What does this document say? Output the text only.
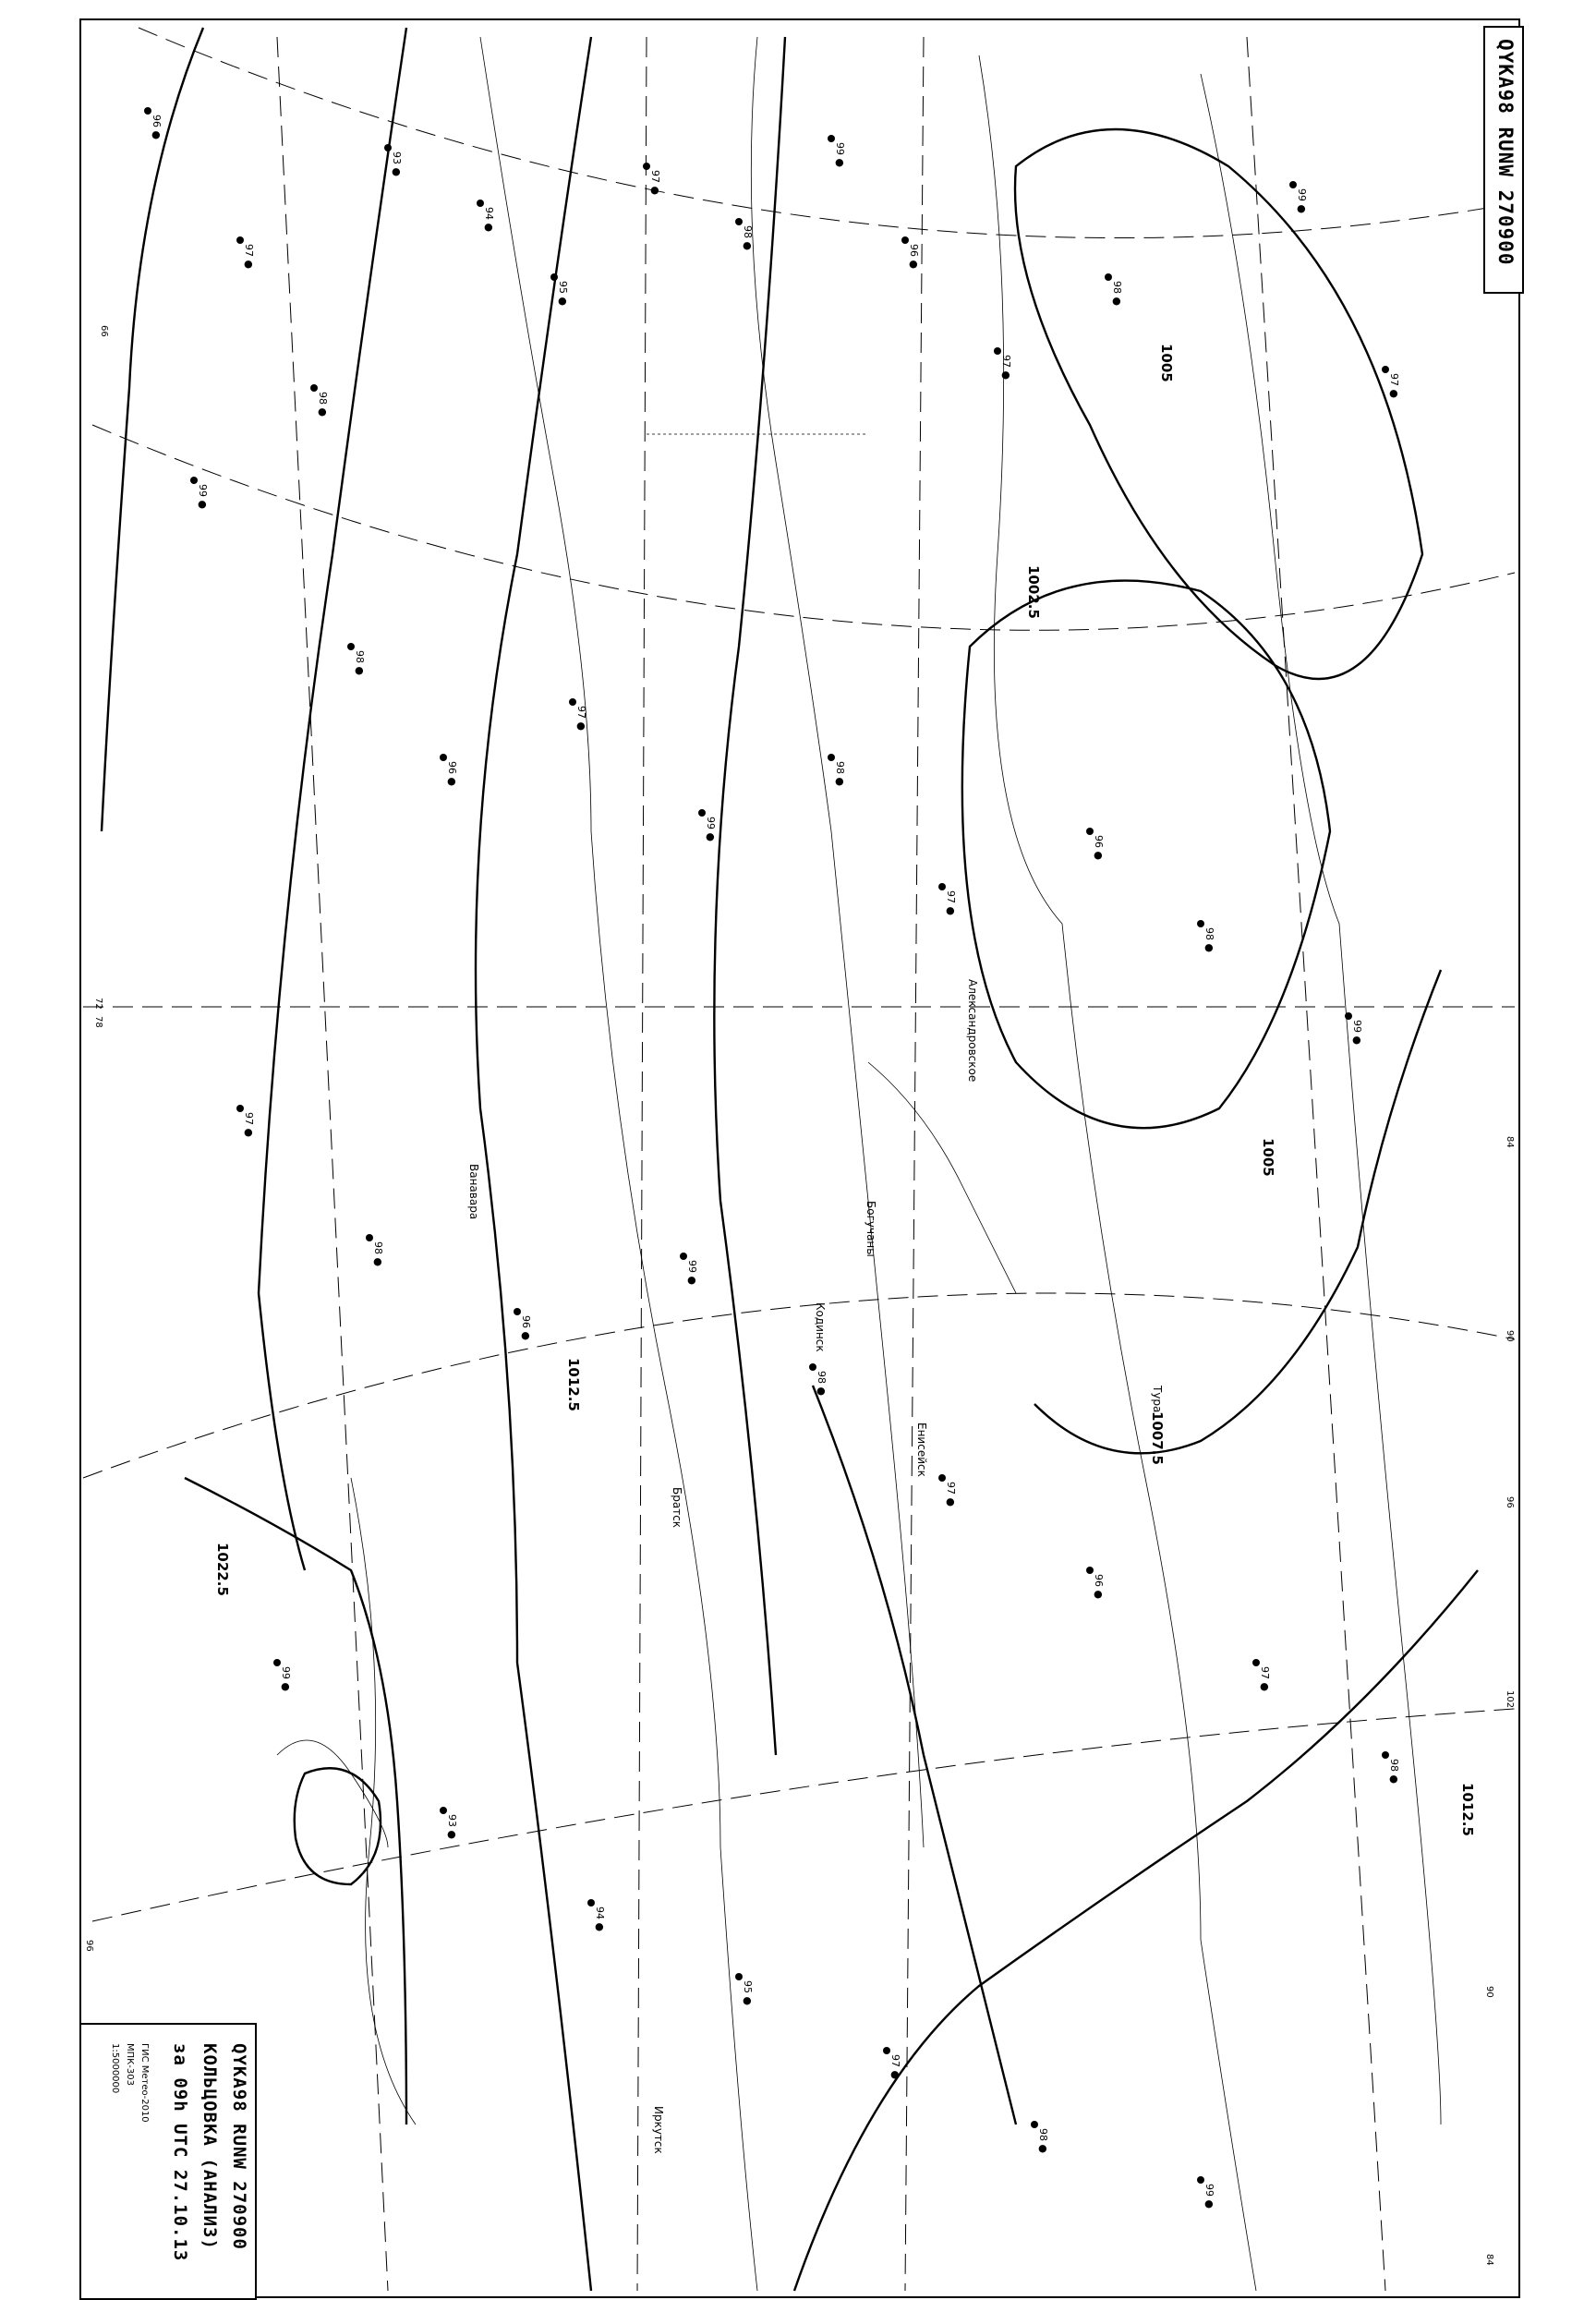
96 ●
97 ●
98 ●
99 ●
93 ●
94 ●
95 ●
97 ●
98 ●
99 ●
96 ●
97 ●
98 ●
99 ●
97 ●
98 ●
96 ●
97 ●
99 ●
98 ●
97 ●
96 ●
98 ●
99 ●
97 ●
98 ●
96 ●
99 ●
98 ●
97 ●
96 ●
97 ●
98 ●
99 ●
93 ●
94 ●
95 ●
97 ●
98 ●
99 ●
1005
1002.5
1005
1007.5
1012.5
1012.5
1022.5
66
72
78
84
90
96
102
96
90
84
Братск
Кодинск
Енисейск
Иркутск
Богучаны
Ванавара
Александровское
Тура
QYKA98 RUNW 270900
QYKA98 RUNW 270900
КОЛЬЦОВКА (АНАЛИЗ)
за 09h UTC 27.10.13
ГИС Метео-2010
МПК-303
1:5000000
